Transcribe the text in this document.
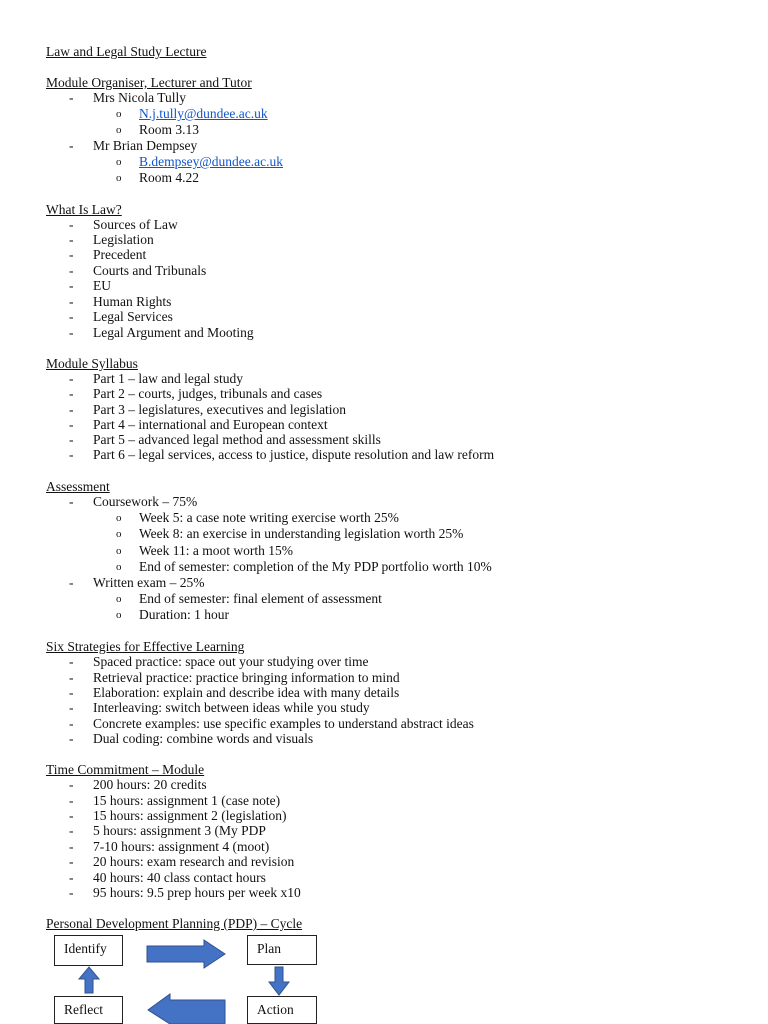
Law and Legal Study Lecture
Module Organiser, Lecturer and Tutor
-	Mrs Nicola Tully
o N.j.tully@dundee.ac.uk
o Room 3.13
-	Mr Brian Dempsey
o B.dempsey@dundee.ac.uk
o Room 4.22
What Is Law?
-	Sources of Law
-	Legislation
-	Precedent
-	Courts and Tribunals
-	EU
-	Human Rights
-	Legal Services
-	Legal Argument and Mooting
Module Syllabus
-	Part 1 – law and legal study
-	Part 2 – courts, judges, tribunals and cases
-	Part 3 – legislatures, executives and legislation
-	Part 4 – international and European context
-	Part 5 – advanced legal method and assessment skills
-	Part 6 – legal services, access to justice, dispute resolution and law reform
Assessment
-	Coursework – 75%
o Week 5: a case note writing exercise worth 25%
o Week 8: an exercise in understanding legislation worth 25%
o Week 11: a moot worth 15%
o End of semester: completion of the My PDP portfolio worth 10%
-	Written exam – 25%
o End of semester: final element of assessment
o Duration: 1 hour
Six Strategies for Effective Learning
-	Spaced practice: space out your studying over time
-	Retrieval practice: practice bringing information to mind
-	Elaboration: explain and describe idea with many details
-	Interleaving: switch between ideas while you study
-	Concrete examples: use specific examples to understand abstract ideas
-	Dual coding: combine words and visuals
Time Commitment – Module
-	200 hours: 20 credits
-	15 hours: assignment 1 (case note)
-	15 hours: assignment 2 (legislation)
-	5 hours: assignment 3 (My PDP
-	7-10 hours: assignment 4 (moot)
-	20 hours: exam research and revision
-	40 hours: 40 class contact hours
-	95 hours: 9.5 prep hours per week x10
Personal Development Planning (PDP) – Cycle
Identify	Plan
Reflect	Action
